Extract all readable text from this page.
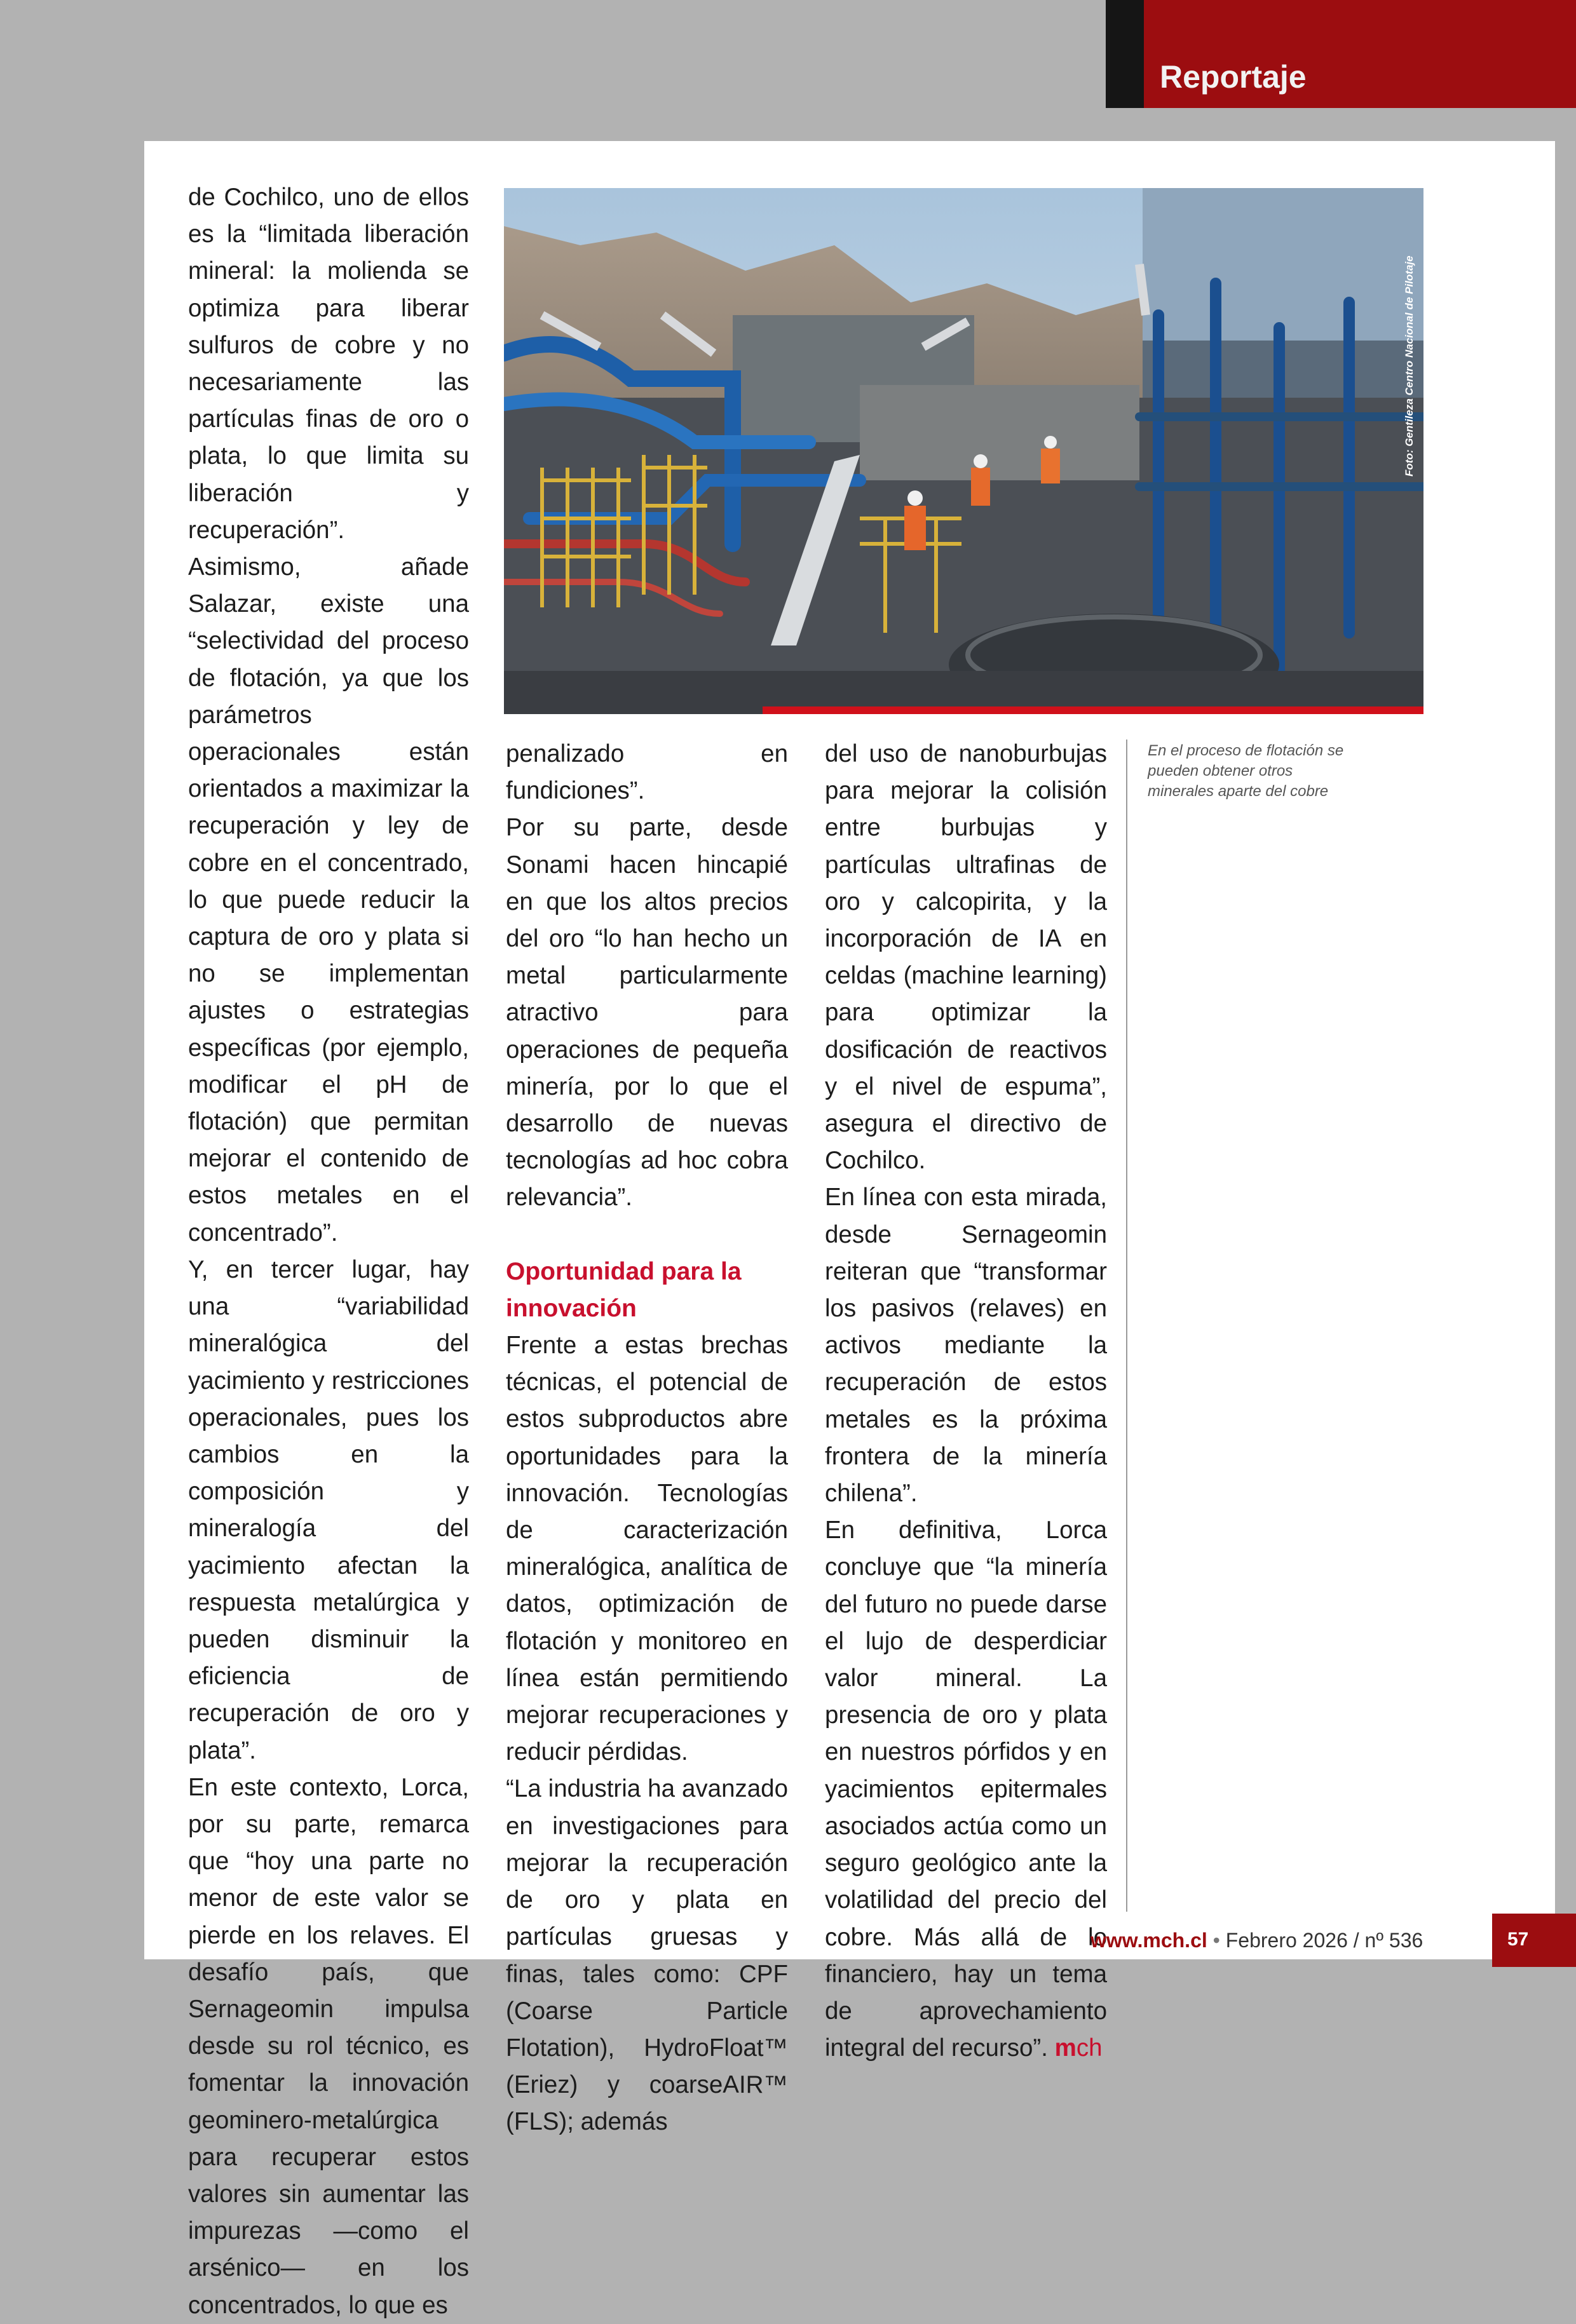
Reportaje

de Cochilco, uno de ellos es la “limitada liberación mineral: la molienda se optimiza para liberar sulfuros de cobre y no necesariamente las partículas finas de oro o plata, lo que limita su liberación y recuperación”.

Asimismo, añade Salazar, existe una “selectividad del proceso de flotación, ya que los parámetros operacionales están orientados a maximizar la recuperación y ley de cobre en el concentrado, lo que puede reducir la captura de oro y plata si no se implementan ajustes o estrategias específicas (por ejemplo, modificar el pH de flotación) que permitan mejorar el contenido de estos metales en el concentrado”.

Y, en tercer lugar, hay una “variabilidad mineralógica del yacimiento y restricciones operacionales, pues los cambios en la composición y mineralogía del yacimiento afectan la respuesta metalúrgica y pueden disminuir la eficiencia de recuperación de oro y plata”.

En este contexto, Lorca, por su parte, remarca que “hoy una parte no menor de este valor se pierde en los relaves. El desafío país, que Sernageomin impulsa desde su rol técnico, es fomentar la innovación geominero-metalúrgica para recuperar estos valores sin aumentar las impurezas —como el arsénico— en los concentrados, lo que es

Foto: Gentileza Centro Nacional de Pilotaje
En el proceso de flotación se pueden obtener otros minerales aparte del cobre

penalizado en fundiciones”.

Por su parte, desde Sonami hacen hincapié en que los altos precios del oro “lo han hecho un metal particularmente atractivo para operaciones de pequeña minería, por lo que el desarrollo de nuevas tecnologías ad hoc cobra relevancia”.

Oportunidad para la innovación

Frente a estas brechas técnicas, el potencial de estos subproductos abre oportunidades para la innovación. Tecnologías de caracterización mineralógica, analítica de datos, optimización de flotación y monitoreo en línea están permitiendo mejorar recuperaciones y reducir pérdidas.

“La industria ha avanzado en investigaciones para mejorar la recuperación de oro y plata en partículas gruesas y finas, tales como: CPF (Coarse Particle Flotation), HydroFloat™ (Eriez) y coarseAIR™ (FLS); además

del uso de nanoburbujas para mejorar la colisión entre burbujas y partículas ultrafinas de oro y calcopirita, y la incorporación de IA en celdas (machine learning) para optimizar la dosificación de reactivos y el nivel de espuma”, asegura el directivo de Cochilco.

En línea con esta mirada, desde Sernageomin reiteran que “transformar los pasivos (relaves) en activos mediante la recuperación de estos metales es la próxima frontera de la minería chilena”.

En definitiva, Lorca concluye que “la minería del futuro no puede darse el lujo de desperdiciar valor mineral. La presencia de oro y plata en nuestros pórfidos y en yacimientos epitermales asociados actúa como un seguro geológico ante la volatilidad del precio del cobre. Más allá de lo financiero, hay un tema de aprovechamiento integral del recurso”. mch

www.mch.cl • Febrero 2026 / nº 536	57
